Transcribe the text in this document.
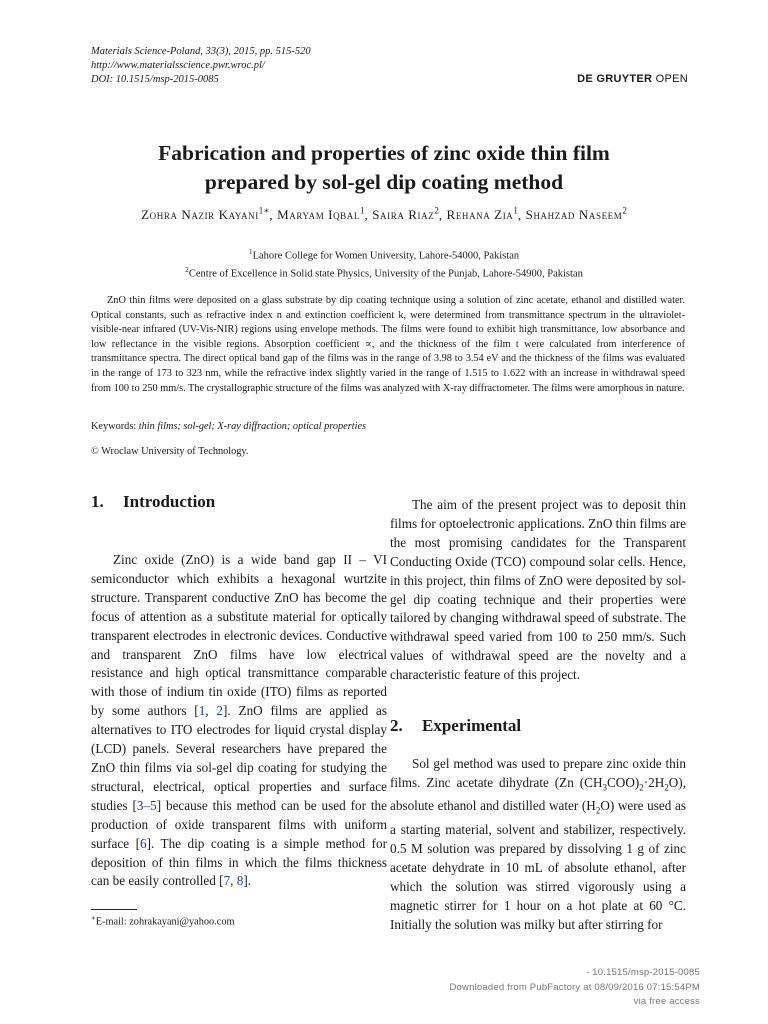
Materials Science-Poland, 33(3), 2015, pp. 515-520
http://www.materialsscience.pwr.wroc.pl/
DOI: 10.1515/msp-2015-0085	DE GRUYTER OPEN
Fabrication and properties of zinc oxide thin film
prepared by sol-gel dip coating method
Zohra Nazir Kayani$^{1∗}$, Maryam Iqbal$^1$, Saira Riaz$^2$, Rehana Zia$^1$, Shahzad Naseem$^2$
$^1$Lahore College for Women University, Lahore-54000, Pakistan
$^2$Centre of Excellence in Solid state Physics, University of the Punjab, Lahore-54900, Pakistan
ZnO thin films were deposited on a glass substrate by dip coating technique using a solution of zinc acetate, ethanol and distilled water. Optical constants, such as refractive index n and extinction coefficient k, were determined from transmittance spectrum in the ultraviolet-visible-near infrared (UV-Vis-NIR) regions using envelope methods. The films were found to exhibit high transmittance, low absorbance and low reflectance in the visible regions. Absorption coefficient ∝, and the thickness of the film t were calculated from interference of transmittance spectra. The direct optical band gap of the films was in the range of 3.98 to 3.54 eV and the thickness of the films was evaluated in the range of 173 to 323 nm, while the refractive index slightly varied in the range of 1.515 to 1.622 with an increase in withdrawal speed from 100 to 250 mm/s. The crystallographic structure of the films was analyzed with X-ray diffractometer. The films were amorphous in nature.
Keywords: thin films; sol-gel; X-ray diffraction; optical properties
© Wroclaw University of Technology.
1. Introduction

Zinc oxide (ZnO) is a wide band gap II – VI semiconductor which exhibits a hexagonal wurtzite structure. Transparent conductive ZnO has become the focus of attention as a substitute material for optically transparent electrodes in electronic devices. Conductive and transparent ZnO films have low electrical resistance and high optical transmittance comparable with those of indium tin oxide (ITO) films as reported by some authors [1, 2]. ZnO films are applied as alternatives to ITO electrodes for liquid crystal display (LCD) panels. Several researchers have prepared the ZnO thin films via sol-gel dip coating for studying the structural, electrical, optical properties and surface studies [3–5] because this method can be used for the production of oxide transparent films with uniform surface [6]. The dip coating is a simple method for deposition of thin films in which the films thickness can be easily controlled [7, 8].

The aim of the present project was to deposit thin films for optoelectronic applications. ZnO thin films are the most promising candidates for the Transparent Conducting Oxide (TCO) compound solar cells. Hence, in this project, thin films of ZnO were deposited by sol-gel dip coating technique and their properties were tailored by changing withdrawal speed of substrate. The withdrawal speed varied from 100 to 250 mm/s. Such values of withdrawal speed are the novelty and a characteristic feature of this project.

2. Experimental

Sol gel method was used to prepare zinc oxide thin films. Zinc acetate dihydrate (Zn $(CH_3COO)_2\cdot 2H_2O$), absolute ethanol and distilled water $(H_2O)$ were used as a starting material, solvent and stabilizer, respectively. 0.5 M solution was prepared by dissolving 1 g of zinc acetate dehydrate in 10 mL of absolute ethanol, after which the solution was stirred vigorously using a magnetic stirrer for 1 hour on a hot plate at 60 °C. Initially the solution was milky but after stirring for

∗E-mail: zohrakayani@yahoo.com
- 10.1515/msp-2015-0085
Downloaded from PubFactory at 08/09/2016 07:15:54PM
via free access
